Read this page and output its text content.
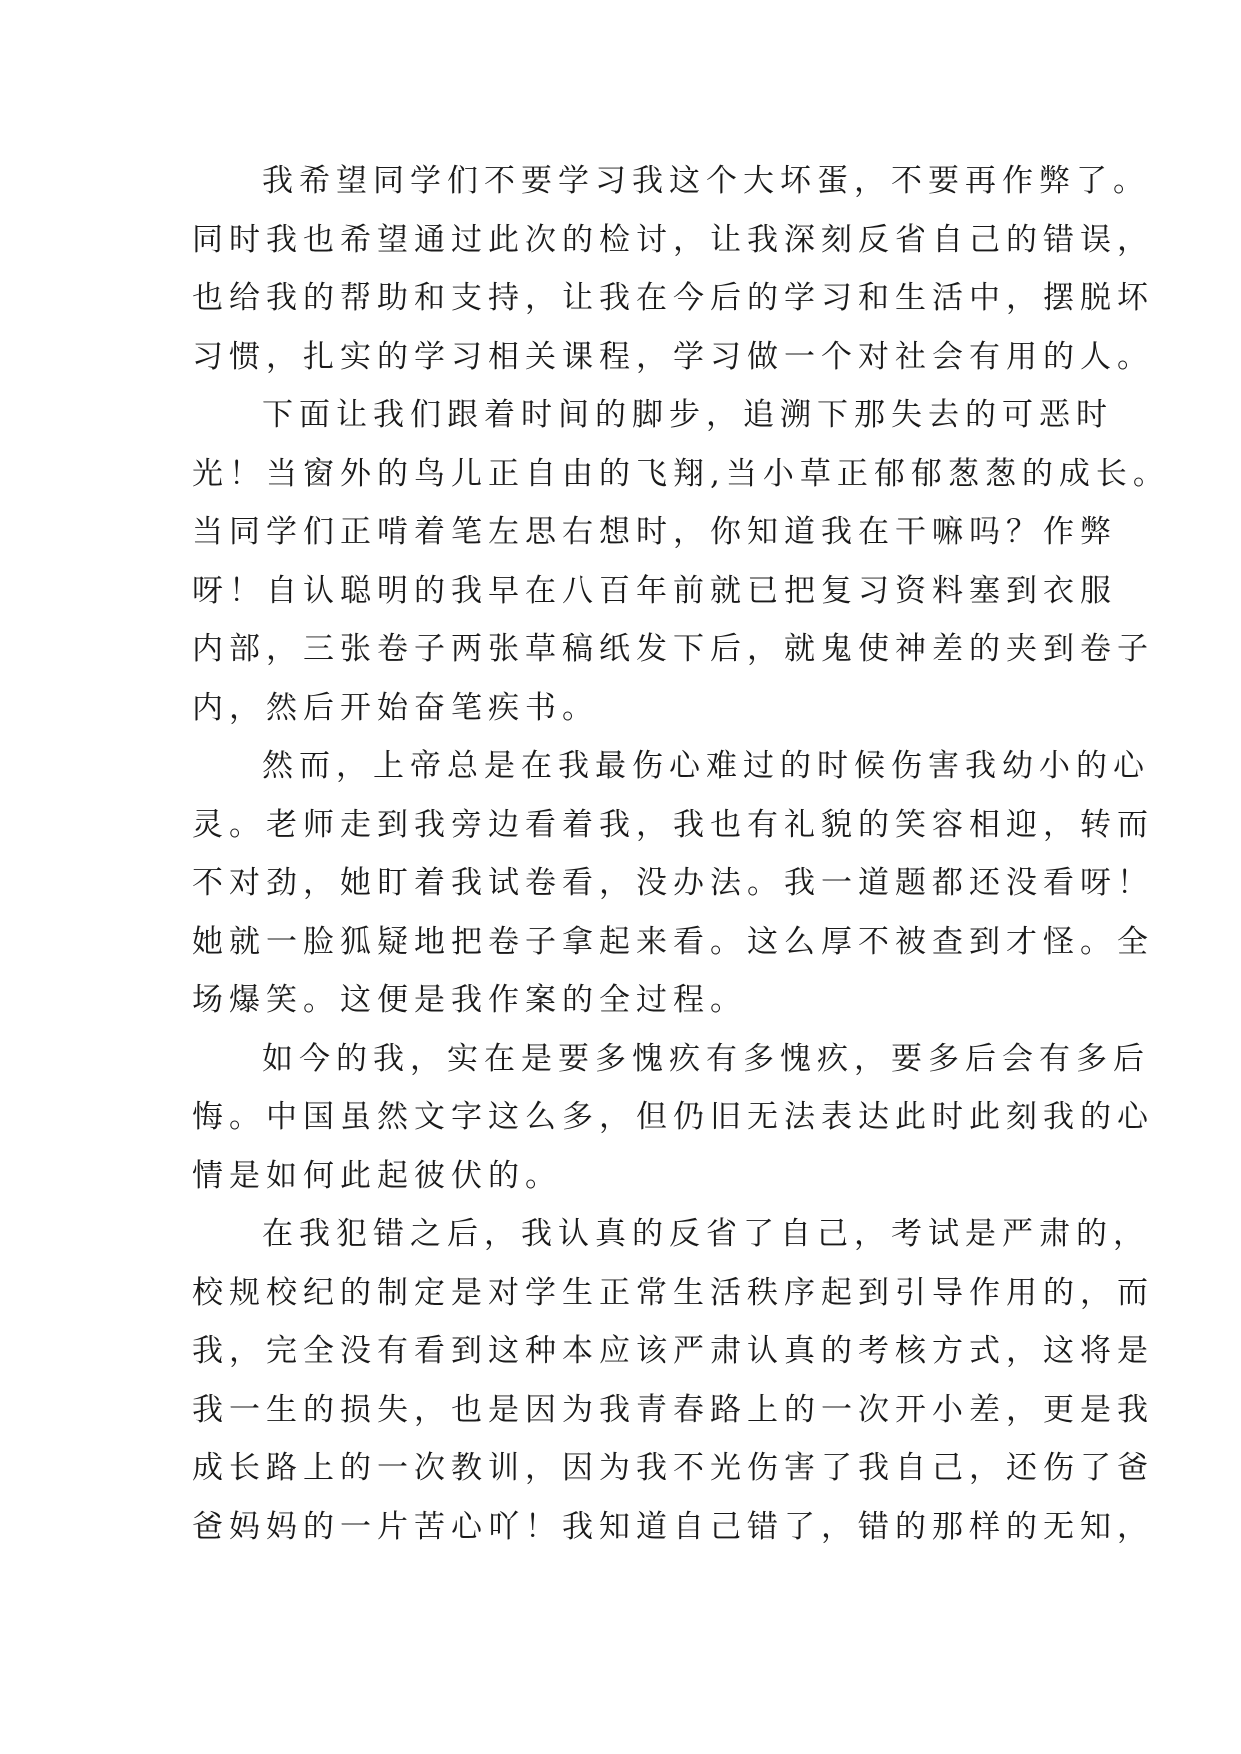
我希望同学们不要学习我这个大坏蛋，不要再作弊了。
同时我也希望通过此次的检讨，让我深刻反省自己的错误，
也给我的帮助和支持，让我在今后的学习和生活中，摆脱坏
习惯，扎实的学习相关课程，学习做一个对社会有用的人。

下面让我们跟着时间的脚步，追溯下那失去的可恶时
光！当窗外的鸟儿正自由的飞翔,当小草正郁郁葱葱的成长。
当同学们正啃着笔左思右想时，你知道我在干嘛吗？作弊
呀！自认聪明的我早在八百年前就已把复习资料塞到衣服
内部，三张卷子两张草稿纸发下后，就鬼使神差的夹到卷子
内，然后开始奋笔疾书。

然而，上帝总是在我最伤心难过的时候伤害我幼小的心
灵。老师走到我旁边看着我，我也有礼貌的笑容相迎，转而
不对劲，她盯着我试卷看，没办法。我一道题都还没看呀！
她就一脸狐疑地把卷子拿起来看。这么厚不被查到才怪。全
场爆笑。这便是我作案的全过程。

如今的我，实在是要多愧疚有多愧疚，要多后会有多后
悔。中国虽然文字这么多，但仍旧无法表达此时此刻我的心
情是如何此起彼伏的。

在我犯错之后，我认真的反省了自己，考试是严肃的，
校规校纪的制定是对学生正常生活秩序起到引导作用的，而
我，完全没有看到这种本应该严肃认真的考核方式，这将是
我一生的损失，也是因为我青春路上的一次开小差，更是我
成长路上的一次教训，因为我不光伤害了我自己，还伤了爸
爸妈妈的一片苦心吖！我知道自己错了，错的那样的无知，
